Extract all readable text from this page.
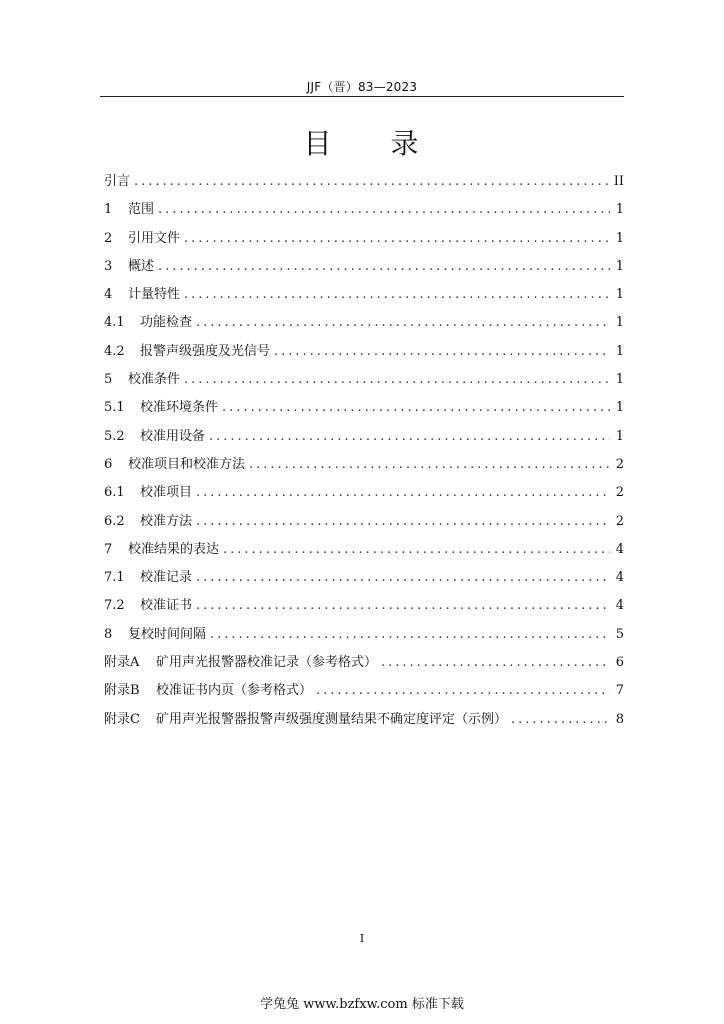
JJF（晋）83—2023
目 录
引言 .....	II
1	范围 .....	1
2	引用文件 .....	1
3	概述 .....	1
4	计量特性 .....	1
4.1	功能检查 .....	1
4.2	报警声级强度及光信号 .....	1
5	校准条件 .....	1
5.1	校准环境条件 .....	1
5.2	校准用设备 .....	1
6	校准项目和校准方法 .....	2
6.1	校准项目 .....	2
6.2	校准方法 .....	2
7	校准结果的表达 .....	4
7.1	校准记录 .....	4
7.2	校准证书 .....	4
8	复校时间间隔 .....	5
附录A	矿用声光报警器校准记录（参考格式） .....	6
附录B	校准证书内页（参考格式） .....	7
附录C	矿用声光报警器报警声级强度测量结果不确定度评定（示例） .....	8
I
学兔兔 www.bzfxw.com 标准下载
